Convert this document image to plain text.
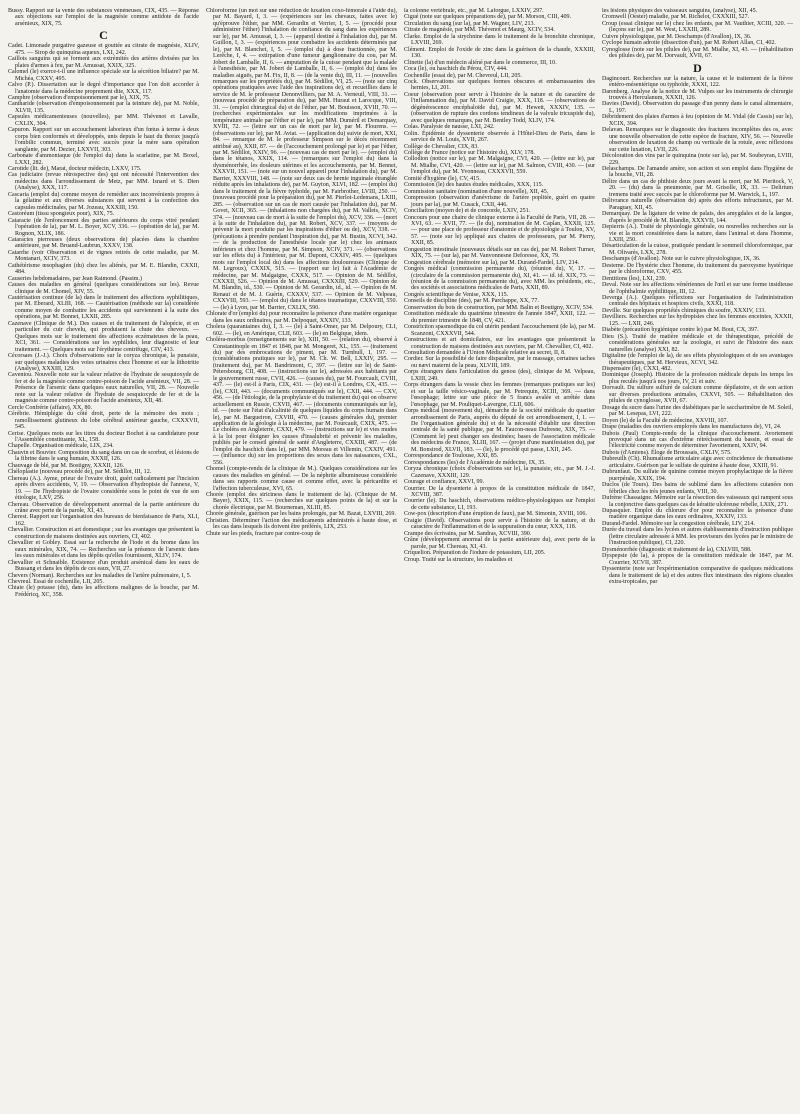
Bussy. Rapport sur la vente des substances vénéneuses, CIX, 435. — Réponse aux objections sur l'emploi de la magnésie comme antidote de l'acide arsénieux, XIX, 75.

C

Cadet. Limonade purgative gazeuse et gouttée au citrate de magnésie, XLIV, 475. — Sirop de quinquina aqueux, LXI, 242.

Caillots sanguins qui se forment aux extrémités des artères divisées par les plaies d'armes à feu, par M. Amussat, XXIX, 325.

Calomel (le) exerce-t-il une influence spéciale sur la sécrétion biliaire? par M. Michéa, CXXV, 495.

Calvo (P.). Dissertation sur le degré d'importance que l'on doit accorder à l'anatomie dans la médecine proprement dite, XXX, 117.

Camphre (observation d'empoisonnement par le), XIX, 75.

Cantharide (observation d'empoisonnement par la teinture de), par M. Noble, XLVII, 135.

Capsules médicamenteuses (nouvelles), par MM. Thévenot et Lavalle, CXLIX, 304.

Capuron. Rapport sur un accouchement laborieux d'un fœtus à terme à deux corps bien conformés et développés, unis depuis le haut du thorax jusqu'à l'ombilic commun, terminé avec succès pour la mère sans opération sanglante, par M. Dezier, LXXVII, 303.

Carbonate d'ammoniaque (de l'emploi du) dans la scarlatine, par M. Boxel, LXXI, 282.

Carotide (lit. de), Marat, docteur médecin, LXXV, 175.

Cas judiciaire (revue rétrospective des) qui ont nécessité l'intervention des médecins dans l'arrondissement de Metz, par MM. Isnard et S. Dien (Analyse), XXX, 117.

Cascaria (emploi du) comme moyen de remédier aux inconvénients propres à la gélatine et aux diverses substances qui servent à la confection des capsules médicinales, par M. Jozeau, XXXIII, 150.

Castoréum (tissu spongieux pour), XIX, 75.

Cataracte (de l'enfoncement des parties antérieures du corps vitré pendant l'opération de la), par M. L. Boyer, XCV, 336. — (opération de la), par M. Rognon, XLIX, 186.

Cataractes pierreuses (deux observations de) placées dans la chambre antérieure, par M. Bruand-Laubrun, XXXV, 138.

Catarrhe (voir Observation et de vignes retirés de cette maladie, par M. Montanari, XCIV, 373.

Cathétérisme œsophagien (du) chez les aliénés, par M. E. Blandin, CXXII, 484.

Causeries hebdomadaires, par Jean Raimond. (Passim.)

Causes des maladies en général (quelques considérations sur les). Revue clinique de M. Chomel, XIV, 55.

Cautérisation continue (de la) dans le traitement des affections syphilitiques, par M. Eberard, XLIII, 168. — Cautérisation (méthode sur la) considérée comme moyen de combattre les accidents qui surviennent à la suite des opérations, par M. Bonnet, LXXII, 285.

Cazenave (Clinique de M.). Des causes et du traitement de l'alopécie, et en particulier du cuir chevelu, qui produisent la chute des cheveux. — Quelques mots sur le traitement des affections eczémateuses de la peau, XCI, 361. — Considérations sur les syphilides, leur diagnostic et leur traitement. — Quelques mots sur l'érythème centrifuge, CIV, 413.

Cécorsaes (J.-J.). Choix d'observations sur le coryza chronique, la punaisie, sur quelques maladies des voies urinaires chez l'homme et sur la lithotritie (Analyse), XXXIII, 129.

Caventou. Nouvelle note sur la valeur relative de l'hydrate de sesquioxyde de fer et de la magnésie comme contre-poison de l'acide arsénieux, VII, 28. — Présence de l'arsenic dans quelques eaux naturelles, VII, 28. — Nouvelle note sur la valeur relative de l'hydrate de sesquioxyde de fer et de la magnésie comme contre-poison de l'acide arsénieux, XII, 48.

Cercle Confrérie (affaire), XX, 80.

Cérébrie. Hémiplégie du côté droit, perte de la mémoire des mots ; ramollissement glutineux du lobe cérébral antérieur gauche, CXXXVII, 545.

Cerise. Quelques mots sur les titres du docteur Bochet à sa candidature pour l'Assemblée constituante, XL, 158.

Chapelle. Organisation médicale, LIX, 234.

Chauvin et Bouvier. Composition du sang dans un cas de scorbut, et lésions de la fibrine dans le sang humain, XXXII, 126.

Chauvage de blé, par M. Bostigny, XXXII, 126.

Chéloplastie (nouveau procédé de), par M. Sédillot, III, 12.

Chereau (A.). Ayme, prieur de l'ovaire droit, guéri radicalement par l'incision après divers accidents, V, 19. — Observation d'hydropisie de l'annexe, V, 19. — De l'hydropisie de l'ovaire considérée sous le point de vue de son étiologie, LXV, 256.

Chereau. Observation de développement anormal de la partie antérieure du crâne avec perte de la parole, XI, 43.

Cherest. Rapport sur l'organisation des bureaux de bienfaisance de Paris, XLI, 162.

Chevallier. Construction et art domestique ; sur les avantages que présentent la construction de maisons destinées aux ouvriers, CI, 402.

Chevallier et Gobley. Essai sur la recherche de l'iode et du brome dans les eaux minérales, XIX, 74. — Recherches sur la présence de l'arsenic dans les eaux minérales et dans les dépôts qu'elles fournissent, XLIV, 174.

Chevallier et Schnaible. Existence d'un produit arsénical dans les eaux de Bussang et dans les dépôts de ces eaux, VII, 27.

Chevers (Norman). Recherches sur les maladies de l'artère pulmonaire, I, 5.

Chevreul. Essai de cochenille, LII, 205.

Chiaie (le) potasse (du), dans les affections malignes de la bouche, par M. Frédéricq, XC, 358.

Chloroforme (un mot sur une réduction de luxation coxo-fémorale à l'aide du), par M. Bayard, I, 3. — (expériences sur les chevaux, faites avec le) qu'éprouve l'éther, par MM. Gerardin et Verrier, I, 5. — (procédé pour administrer l'éther) l'inhalation de confiance du sang dans les expériences sur le), par M. Amussat, I, 3. — (appareil destiné à l'inhalation du), par M. Guillon, I, 3. — (expériences pour combattre les accidents déterminés par le), par M. Blanchet, I, 5. — (emploi du) à dose fractionnée, par M. Lerêche, I, 4. — extirpation d'une tumeur ganglionnaire du cou, par M. Jobert de Lamballe, II, 6. — amputation de la cuisse pendant que la malade à l'anesthésie, par M. Jobert de Lamballe, II, 6. — (emploi du) dans les maladies aiguës, par M. Fix, II, 8. — (de la vente du), III, 11. — (nouvelles remarques sur les propriétés du), par M. Sédillot, VI, 25. — (note sur cinq opérations pratiquées avec l'aide des inspirations de), et recueillies dans le service de M. le professeur Denonvilliers, par M. A. Verneuil, VIII, 31. — (nouveau procédé de préparation du), par MM. Huraut et Larocque, VIII, 31. — (emploi chirurgical du) et de l'éther, par M. Bouisson, XVIII, 70. — (recherches expérimentales sur les modifications imprimées à la température animale par l'éther et par le), par MM. Duméril et Demarquay, XVIII, 72. — (lettre sur un cas de mort par le), par M. Flourens. — (observations sur le), par M. Aviat. — (application du) suivie de mort, XXI, 84. — remarque de M. le professeur Simpson sur le décès récemment attribué au), XXII, 87. — de (l'accouchement prolongé par le) et par l'éther, par M. Sédillot, XXIV, 96. — (nouveau cas de mort par le). — (emploi du) dans le tétanos, XXIX, 114. — (remarques sur l'emploi du) dans la dysménorrhée, les douleurs utérines et les accouchements, par M. Bennet, XXXVII, 151. — (note sur un nouvel appareil pour l'inhalation du), par M. Barrier, XXXVIII, 148. — (note sur deux cas de hernie inguinale étranglée réduite après les inhalations de), par M. Guyton, XLVI, 182. — (emploi du) dans le traitement de la fièvre typhoïde, par M. Fairbrother, LVIII, 250. — (nouveau procédé pour la préparation du), par M. Pierlot-Ledemans, LXIII, 285. — (observation sur un cas de mort causée par l'inhalation du), par M. Govet, XCII, 365. — (inhalations non chargées du), par M. Vallets, XCIV, 374. — (nouveau cas de mort à la suite de l'emploi du), XCV, 336. — (mort à la suite de l'inhalation du), par M. Robert, XCV, 337. — (moyens de prévenir la mort produite par les inspirations d'éther ou de), XCV, 338. — (précautions à prendre pendant l'inspiration du), par M. Bustin, XCVI, 342. — de la production de l'anesthésie locale par le) chez les animaux inférieurs et chez l'homme, par M. Simpson, XCIV, 371. — (observations sur les effets du) à l'intérieur, par M. Dupont, CXXIV, 495. — (quelques mots sur l'emploi local du) dans les affections douloureuses (Clinique de M. Legroux), CXXIX, 515. — (rapport sur le) fait à l'Académie de médecine, par M. Malgaigne, CXXX, 517. — Opinion de M. Sédillot, CXXXII, 526. — Opinion de M. Amussat, CXXXIII, 529. — Opinion de M. Blandin, id., 530. — Opinion de M. Gerardin, id., id. — Opinion de M. Renaut et de M. J. Guérin, CXXXV, 537. — Opinion de M. Velpeau, CXXVIII, 593. — (emploi du) dans le tétanos traumatique, CXXVIII, 550. — (le) à Lyon, par M. Barrier, CXLIX, 590.

Chlorate d'or (emploi du) pour reconnaître la présence d'une matière organique dans les eaux ordinaires, par M. Delpoquet, XXXIV, 133.

Cholera (quarantaines du), I, 3. — (le) à Saint-Omer, par M. Delpoury, CLI, 602. — (le), en Amérique, CLII, 603. — (le) en Belgique, idem.

Choléra-morbus (renseignements sur le), XIII, 50. — (relation du), observé à Constantinople en 1847 et 1848, par M. Mongeret, XL, 155. — (traitement du) par des embrocations de piment, par M. Turnbull, I, 197. — (considérations pratiques sur le), par M. Ch. W. Bell, LXXIV, 295. — (traitement du), par M. Bandrimont, C, 397. — (lettre sur le) de Saint-Pétersbourg, CII, 408. — (instructions sur le), adressées aux habitants par le gouvernement russe, CVII, 426. — (causes du), par M. Fourcault, CVIII, 437. — (le) est-il à Paris, CIX, 431. — (le) est-il à Londres, CX, 435. — (le), CXII, 443. — (documents communiqués sur le), CXII, 444. — CXV, 456. — (de l'étiologie, de la prophylaxie et du traitement du) qui on observe actuellement en Russie, CXVII, 467. — (documents communiqués sur le), id. — (note sur l'état d'alcalinité de quelques liquides du corps humain dans le), par M. Bargueiron, CXVIII, 470. — (causes générales du), premier application de la géologie à la médecine, par M. Fourcault, CXIX, 475. — Le choléra en Angleterre, CXXI, 479. — (instructions sur le) et vies mudes à la loi pour éloigner les causes d'insalubrité et prévenir les maladies, publiés par le conseil général de santé d'Angleterre, CXXIII, 487. — (de l'emploi du haschich dans le), par MM. Moreau et Villemin, CXXIV, 491. — (influence du) sur les proportions des sexes dans les naissances, CXL, 556.

Chomel (compte-rendu de la clinique de M.). Quelques considérations sur les causes des maladies en général. — De la néphrite albumineuse considérée dans ses rapports comme cause et comme effet, avec la péricardite et l'affection tuberculeuse, XVI, 65.

Chorée (emploi des strictness dans le traitement de la). (Clinique de M. Bayer), XXIX, 115. — (recherches sur quelques points de la) et sur la chorée électrique, par M. Bourneman, XLIII, 85.

Chorée générale, guérison par les bains prolongés, par M. Bazat, LXVIII, 269.

Christien. Déterminer l'action des médicaments administrés à haute dose, et les cas dans lesquels ils doivent être préférés, LIX, 253.

Chute sur les pieds, fracture par contre-coup de

la colonne vertébrale, etc., par M. Laforgue, LXXIV, 297.

Cigué (note sur quelques préparations de), par M. Morson, CIII, 409.

Circulation du sang (sur la), par M. Wagner, LIV, 213.

Citrate de magnésie, par MM. Thévenot et Maurg, XCIV, 534.

Clarke. Emploi de la strychnine dans le traitement de la bronchite chronique, LXVIII, 269.

Clément. Emploi de l'oxide de zinc dans la guérison de la chaude, XXXIII, 130.

Clinette (la) d'un médecin aliéné par dans le commerce, III, 10.

Coca (le), ou haschich du Pérou, CIV, 444.

Cochenille (essai de), par M. Chevreul, LII, 205.

Cock. Observations sur quelques formes obscures et embarrassantes des hernies, LI, 201.

Coeur (observation pour servir à l'histoire de la nature et du caractère de l'inflammation du), par M. David Craigie, XXX, 118. — (observations de dégénérescence encéphaloïde du), par M. Hewett, XXXIV, 135. — (observation de rupture des cordons tendineux de la valvule tricuspide du), avec quelques remarques, par M. Bentley Todd, XLIV, 174.

Colas. Paralysie de nausse, LXI, 242.

Colin. Épidémie de dyssenterie observée à l'Hôtel-Dieu de Paris, dans le service de M. Louis, XVII, 267.

Collège de Chevalier, CIX, 83.

Collège de France (notice sur l'histoire du), XLV, 178.

Collodion (notice sur le), par M. Malgaigne, CVI, 420. — (lettre sur le), par M. Mialhe, CVI, 420. — (lettre sur le), par M. Salmon, CVIII, 430. — (sur l'emploi du), par M. Yvonneau, CXXXVII, 559.

Comité d'hygiène (le), CV, 415.

Commission (le) des hautes études médicales, XXX, 115.

Commission sanitaire (nomination d'une nouvelle), XII, 45.

Compression (observation d'anévrisme de l'artère poplitée, guéri en quatre jours par la), par M. Cusack, CXII, 446.

Conciliation (moyen de) et de concorde, LXIV, 251.

Concours pour une chaire de clinique externe à la Faculté de Paris, VII, 28. — XVI, 63. — XVII, 77. — (le du), nomination de M. Caplan, XXXII, 125. — pour une place de professeur d'anatomie et de physiologie à Toulon, XV, 57. — (note sur le) appliqué aux chaires de professeurs, par M. Pierry, XXII, 85.

Congestion intestinale (nouveaux détails sur un cas de), par M. Robert Turner, XIX, 75. — (sur la), par M. Vanvonnesne Deforesse, XX, 79.

Congestion cérébrale (mémoire sur la), par M. Durand-Fardel, LIV, 214.

Congrès médical (commission permanente du), (réunion du), V, 17. — (circulaire de la commission permanente du), XI, 41. — id. id. XIX, 73. — (réunion de la commission permanente du), avec MM. les présidents, etc., des sociétés et associations médicales de Paris, XXII, 89.

Congrès scientifique de Venise, XXX, 115.

Conseils de discipline (des), par M. Parchappe, XX, 77.

Conservation du bois de construction, par MM. Balin et Boutigny, XCIV, 534.

Constitution médicale du quatrième trimestre de l'année 1847, XXII, 122. — du premier trimestre de 1848, CV, 421.

Constriction spasmodique du col utérin pendant l'accouchement (de la), par M. Scanzoni, CXXXVII, 544.

Constructions et art domicilaires, sur les avantages que présenterait la construction de maisons destinées aux ouvriers, par M. Chevallier, CI, 402.

Consultation demandée à l'Union Médicale relative au secret, II, 8.

Cordier. Sur la possibilité de faire disparaître, par le massage, certaines taches ou nævi materni de la peau, XLVIII, 189.

Corps étrangers dans l'articulation du genou (des), clinique de M. Velpeau, LXIII, 249.

Corps étrangers dans la vessie chez les femmes (remarques pratiques sur les) et sur la taille vésico-vaginale, par M. Petrequin, XCIII, 369. — dans l'œsophage; lettre sur une pièce de 5 francs avalée et arrêtée dans l'œsophage, par M. Pouliquet-Lavergne, CLII, 606.

Corps médical (mouvement du), démarche de la société médicale du quartier arrondissement de Paris, auprès du député de cet arrondissement, I, 1. — De l'organisation générale du) et de la nécessité d'établir une direction centrale de la santé publique, par M. Faucon-neau Dufresne, XIX, 75. — (Comment le) peut changer ses destinées; bases de l'association médicale des médecins de France, XLIII, 167. — (projet d'une manifestation du), par M. Bonsirod, XLVII, 183. — (le), le procédé qui passe, LXII, 245.

Correspondance de Toulouse, XXI, 85.

Correspondances (les) de l'Académie de médecine, IX, 35.

Coryza chronique (choix d'observations sur le), la punaisie, etc., par M. J.-J. Cazenave, XXXIII, 129.

Courage et confiance, XXVI, 99.

Courrier. De la dysenterie à propos de la constitution médicale de 1847, XCVIII, 387.

Courrier (le). Du haschich, observations médico-physiologiques sur l'emploi de cette substance, LI, 193.

Cow-pox (description d'une éruption de faux), par M. Simonin, XVIII, 106.

Craigie (David). Observations pour servir à l'histoire de la nature, et du caractère de l'inflammation et de la suppuration du cœur, XXX, 118.

Crampe des écrivains, par M. Sandras, XCVIII, 390.

Crâne (développement anormal de la partie antérieure du), avec perte de la parole, par M. Chereau, XI, 43.

Criquelion. Préparation de l'iodure de potassium, LII, 205.

Croup. Traité sur la structure, les maladies et

les lésions physiques des vaisseaux sanguins, (analyse), XII, 45.

Cromwell (Oester) maladie, par M. Richelot, CXXXIII, 527.

Croup (essai clinique sur le) chez les enfants, par M. Vauthier, XCIII, 320. — (leçons sur le), par M. West, LXXIII, 289.

Cuivre physiologique, par M. Deschamps (d'Avallon), IX, 36.

Cyclope humain adroite (dissection d'un), par M. Robert Allan, CI, 402.

Cynoglosse (note sur les pilules de), par M. Mialhe, XI, 43. — (réhabilitation des pilules de), par M. Dorvault, XVII, 67.

D

Dagincourt. Recherches sur la nature, la cause et le traitement de la fièvre entéro-mésentérique ou typhoïde, XXXI, 122.

Darenberg. Analyse de la notice de M. Vulpes sur les instruments de chirurgie trouvés à Herculanum, XXXII, 126.

Davies (David). Observation du passage d'un penny dans le canal alimentaire, L, 197.

Débridement des plaies d'armes à feu (opinion de M. Vidal (de Cassis) sur le), XCIX, 394.

Delavan. Remarques sur le diagnostic des fractures incomplètes des os, avec une nouvelle observation de cette espèce de fracture, XIV, 56. — Nouvelle observation de luxation de champ ou verticale de la rotule, avec réflexions sur cette luxation, LVII, 226.

Décoloration des vins par le quinquina (note sur la), par M. Soubeyran, LVIII, 229.

Delaschamps. De l'amande amère, son action et son emploi dans l'hygiène de la bouche, VII, 28.

Délire dans un cas de phthisie deux jours avant la mort, par M. Pieritock, V, 20. — (du) dans la pneumonie, par M. Grisolle, IX, 33. — Delirium tremens traité avec succès par le chloroforme par M. Warwick, L, 197.

Délivrance naturelle (observation de) après des efforts infructueux, par M. Paraguay, XII, 45.

Demarquay. De la ligature de veine de palais, des amygdales et de la langue, d'après le procédé de M. Blandin, XXXVII, 144.

Depierris (A.). Traité de physiologie générale, ou nouvelles recherches sur la vie et la mort considérées dans la nature, dans l'animal et dans l'homme, LXIII, 250.

Désarticulation de la cuisse, pratiquée pendant le sommeil chloroformique, par M. Olivarès, LXX, 278.

Deschamps (d'Avallon). Note sur le cuivre physiologique, IX, 36.

Desterne. De l'hystérie chez l'homme, du traitement du paroxysme hystérique par le chloroforme, CXV, 455.

Dentitions (les), LXI, 239.

Deval. Note sur les affections vénériennes de l'œil et sur une forme insidieuse de l'ophthalmie syphilitique, III, 12.

Deverga (A.). Quelques réflexions sur l'organisation de l'administration centrale des hôpitaux et hospices civils, XXXI, 118.

Deville. Sur quelques propriétés chimiques du soufre, XXXIV, 133.

Devilliers. Recherches sur les hydropisies chez les femmes enceintes, XXXII, 125. — LXII, 246.

Diabète (précaution hygiénique contre le) par M. Bout, CX, 397.

Dieu (S.). Traité de matière médicale et de thérapeutique, précédé de considérations générales sur la zoologie, et suivi de l'histoire des eaux naturelles (analyse) XXI, 82.

Digitaline (de l'emploi de la), de ses effets physiologiques et de ses avantages thérapeutiques, par M. Hervieux, XCVI, 342.

Dispensaire (le), CXXI, 482.

Dominique (Joseph). Histoire de la profession médicale depuis les temps les plus reculés jusqu'à nos jours, IV, 21 et suiv.

Dorvault. Du sulfure sulfuré de calcium comme dépilatoire, et de son action sur diverses productions animales, CXXVI, 505. — Réhabilitation des pilules de cynoglosse, XVII, 67.

Dosage du sucre dans l'urine des diabétiques par le saccharimètre de M. Soleil, par M. Lesepas, LVI, 222.

Doyen (le) de la Faculté de médecine, XXVIII, 107.

Drape (maladies des ouvriers employés dans les manufactures de), VI, 24.

Dubois (Paul) Compte-rendu de la clinique d'accouchement. Avortement provoqué dans un cas d'extrême rétrécissement du bassin, et essai de l'électricité comme moyen de déterminer l'avortement, XXIV, 94.

Dubois (d'Amiens). Éloge de Broussais, CXLIV, 575.

Dubreuilh (Ch). Rhumatisme articulaire aigu avec coïncidence de rhumatisme articulaire. Guérison par le sulfate de quinine à haute dose, XXIII, 91.

Dubrunfaut. Du sulfate de quinine comme moyen prophylactique de la fièvre puerpérale, XXIX, 194.

Duclos (de Tours). Des bains de sublimé dans les affections cutanées non fébriles chez les très jeunes enfants, VIII, 30.

Dufrène Chassaigne. Mémoire sur la résection des vaisseaux qui rampent sous la conjonctive dans quelques cas de kératite ulcéreuse rebelle, LXIX, 271.

Dupasquier. Emploi du chlorure d'or pour reconnaître la présence d'une matière organique dans les eaux ordinaires, XXXIV, 133.

Durand-Fardel. Mémoire sur la congestion cérébrale, LIV, 214.

Durée du travail dans les lycées et autres établissements d'instruction publique (lettre circulaire adressée à MM. les proviseurs des lycées par le ministre de l'instruction publique), CI, 220.

Dysménorrhée (diagnostic et traitement de la), CXLVIII, 588.

Dyspepsie (de la), à propos de la constitution médicale de 1847, par M. Courrier, XCVII, 387.

Dyssenterie (note sur l'expérimentation comparative de quelques médications dans le traitement de la) et des autres flux intestinaux des régions chaudes extra-tropicales, par
